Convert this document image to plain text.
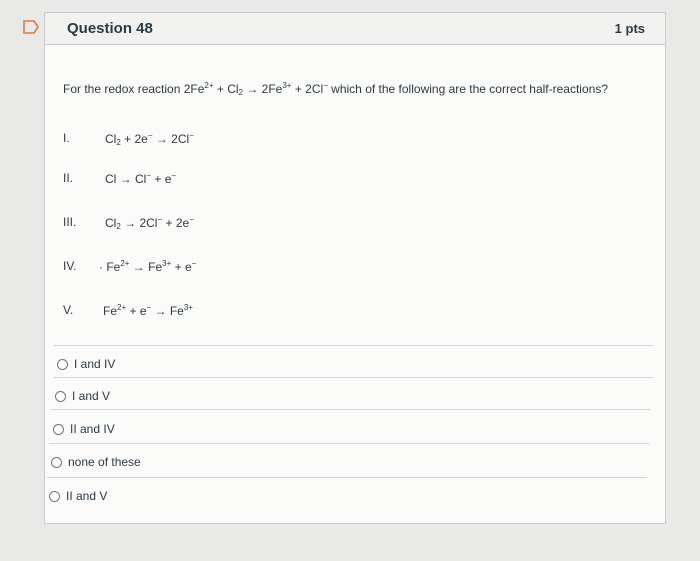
Question 48	1 pts
For the redox reaction $2Fe^{2+} + Cl_2 \to 2Fe^{3+} + 2Cl^-$ which of the following are the correct half-reactions?
I.	$Cl_2 + 2e^- \to 2Cl^-$
II.	Cl → Cl− + e−
III.	$Cl_2 \to 2Cl^- + 2e^-$
IV.	· $Fe^{2+} \to Fe^{3+} + e^-$
V.	$Fe^{2+} + e^- \to Fe^{3+}$
I and IV
I and V
II and IV
none of these
II and V
